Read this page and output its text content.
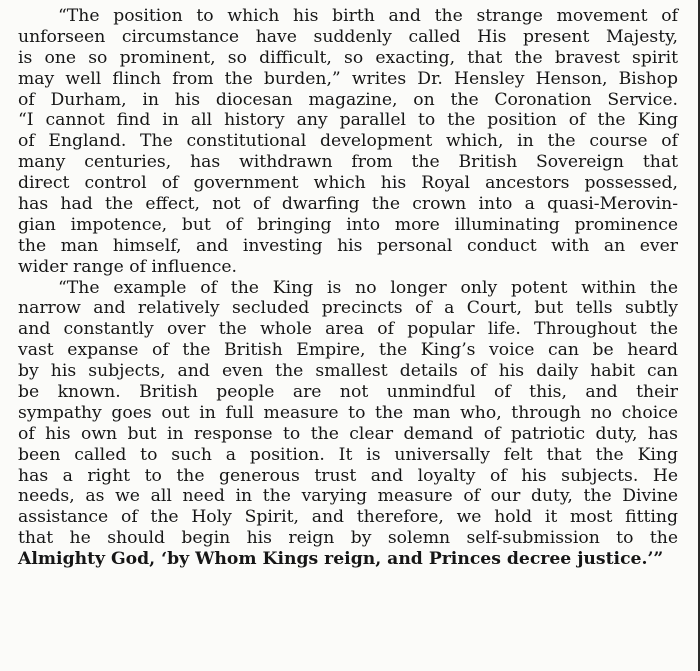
“The position to which his birth and the strange movement of
unforseen circumstance have suddenly called His present Majesty,
is one so prominent, so difficult, so exacting, that the bravest spirit
may well flinch from the burden,” writes Dr. Hensley Henson, Bishop
of Durham, in his diocesan magazine, on the Coronation Service.
“I cannot find in all history any parallel to the position of the King
of England. The constitutional development which, in the course of
many centuries, has withdrawn from the British Sovereign that
direct control of government which his Royal ancestors possessed,
has had the effect, not of dwarfing the crown into a quasi-Merovin-
gian impotence, but of bringing into more illuminating prominence
the man himself, and investing his personal conduct with an ever
wider range of influence.
“The example of the King is no longer only potent within the
narrow and relatively secluded precincts of a Court, but tells subtly
and constantly over the whole area of popular life. Throughout the
vast expanse of the British Empire, the King’s voice can be heard
by his subjects, and even the smallest details of his daily habit can
be known. British people are not unmindful of this, and their
sympathy goes out in full measure to the man who, through no choice
of his own but in response to the clear demand of patriotic duty, has
been called to such a position. It is universally felt that the King
has a right to the generous trust and loyalty of his subjects. He
needs, as we all need in the varying measure of our duty, the Divine
assistance of the Holy Spirit, and therefore, we hold it most fitting
that he should begin his reign by solemn self-submission to the
Almighty God, ‘by Whom Kings reign, and Princes decree justice.’”
